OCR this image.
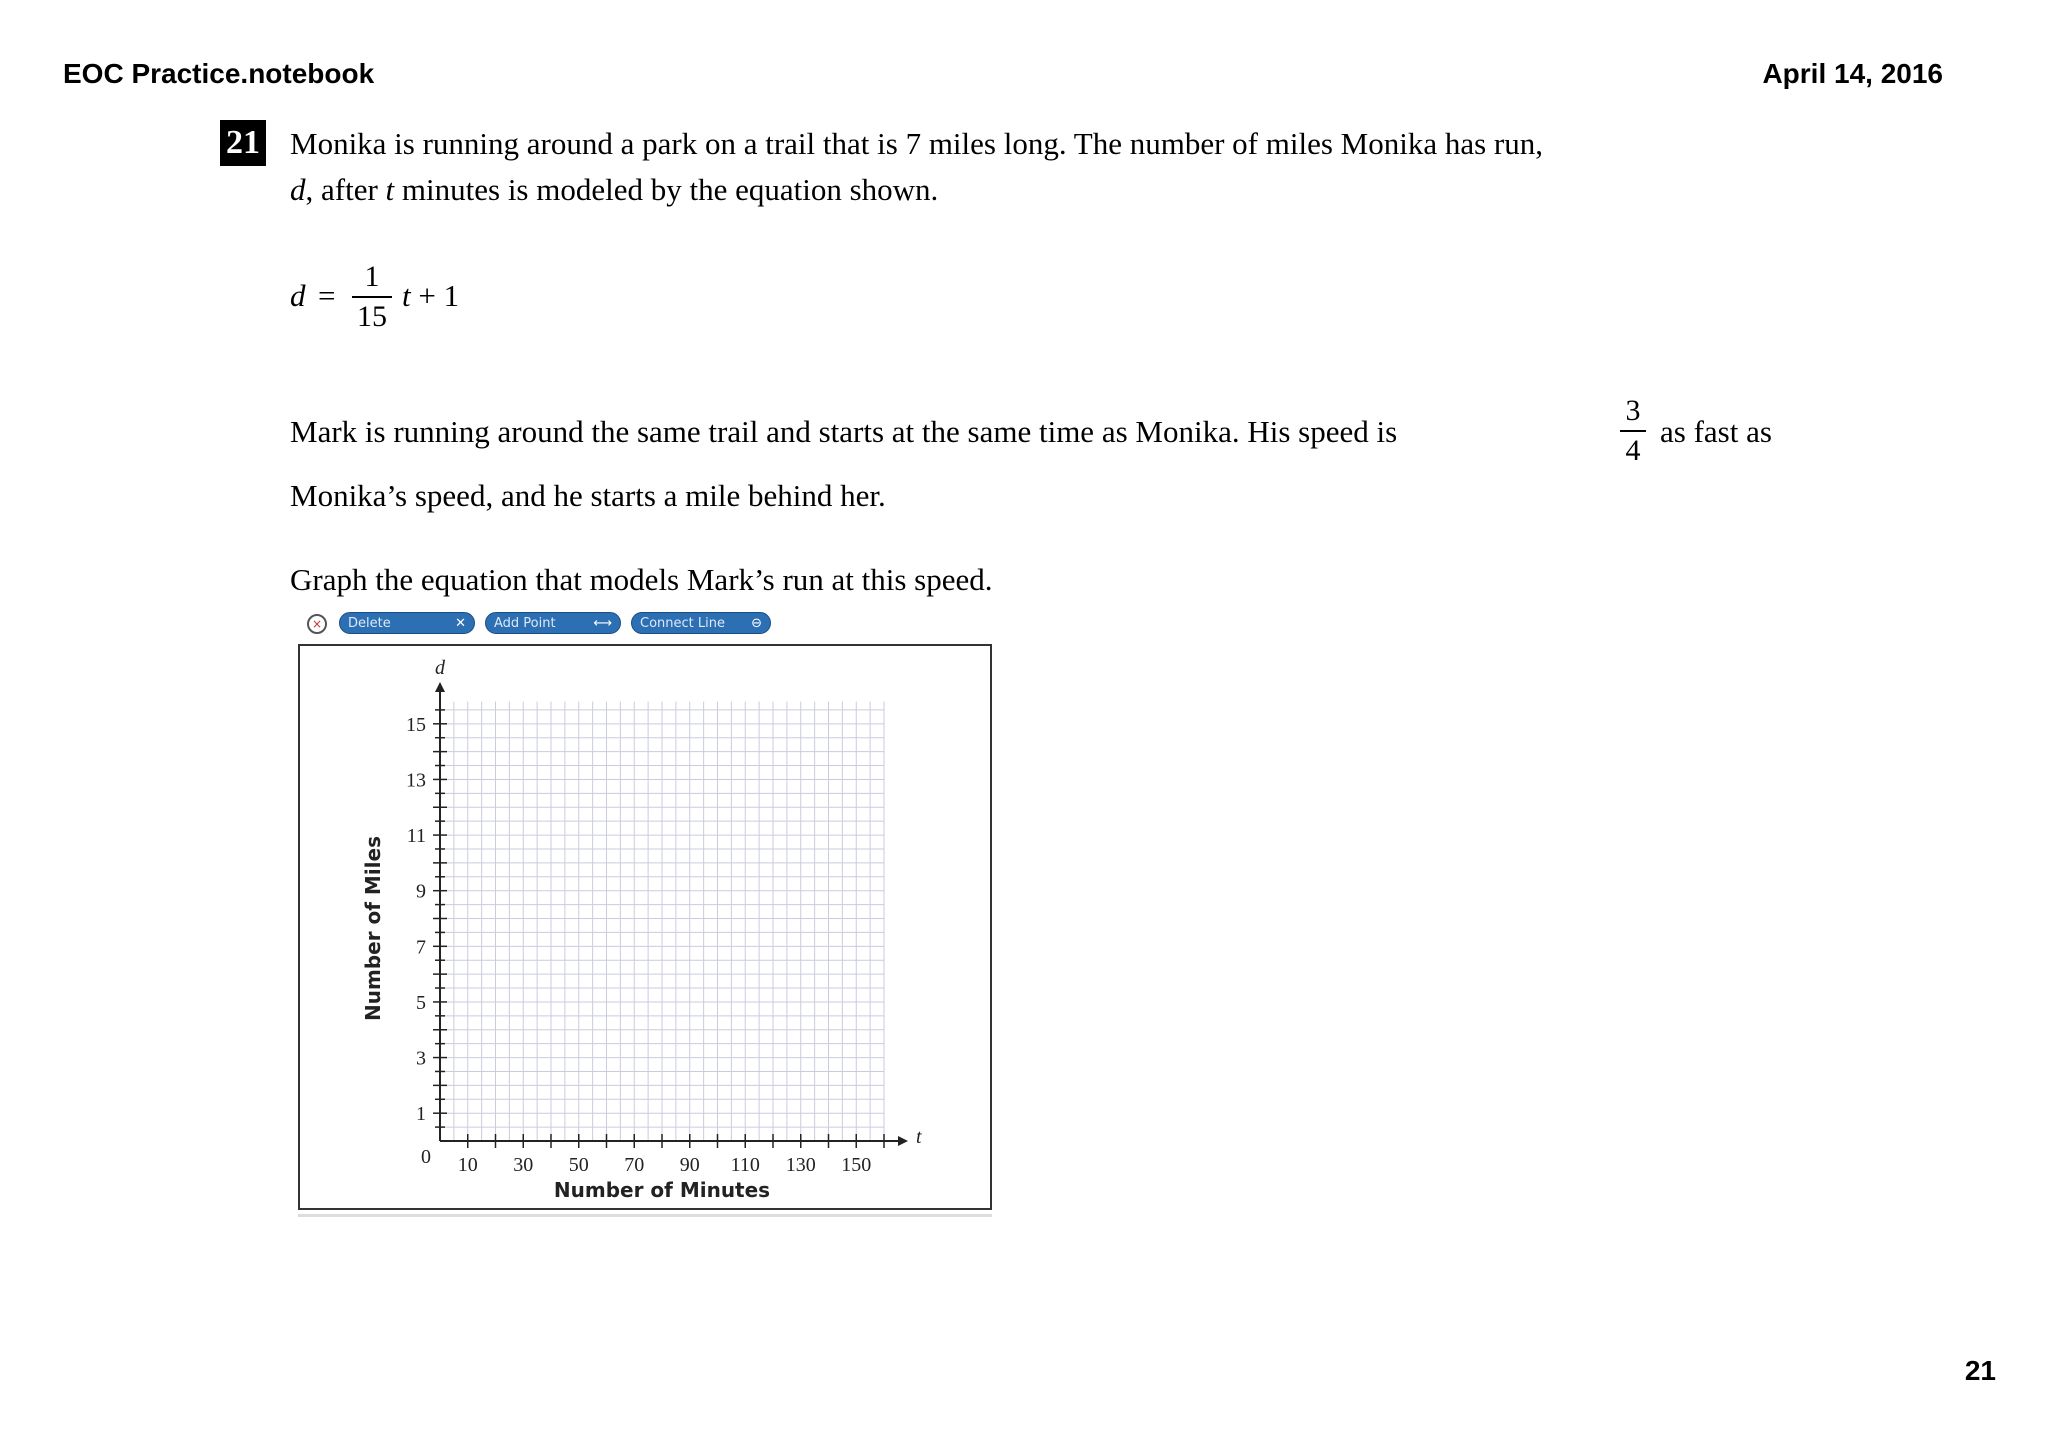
EOC Practice.notebook	April 14, 2016
21 Monika is running around a park on a trail that is 7 miles long. The number of miles Monika has run,
d, after t minutes is modeled by the equation shown.
d =
1
15
t + 1
Mark is running around the same trail and starts at the same time as Monika. His speed is
3
4
as fast as
Monika’s speed, and he starts a mile behind her.
Graph the equation that models Mark’s run at this speed.
×	Delete	✕	Add Point	⟷	Connect Line ⊖
10 30 50 70 90 110 130 150
1
3
5
7
9
11
13
15
0
t
d
Number of Minutes
Number of Miles
21
